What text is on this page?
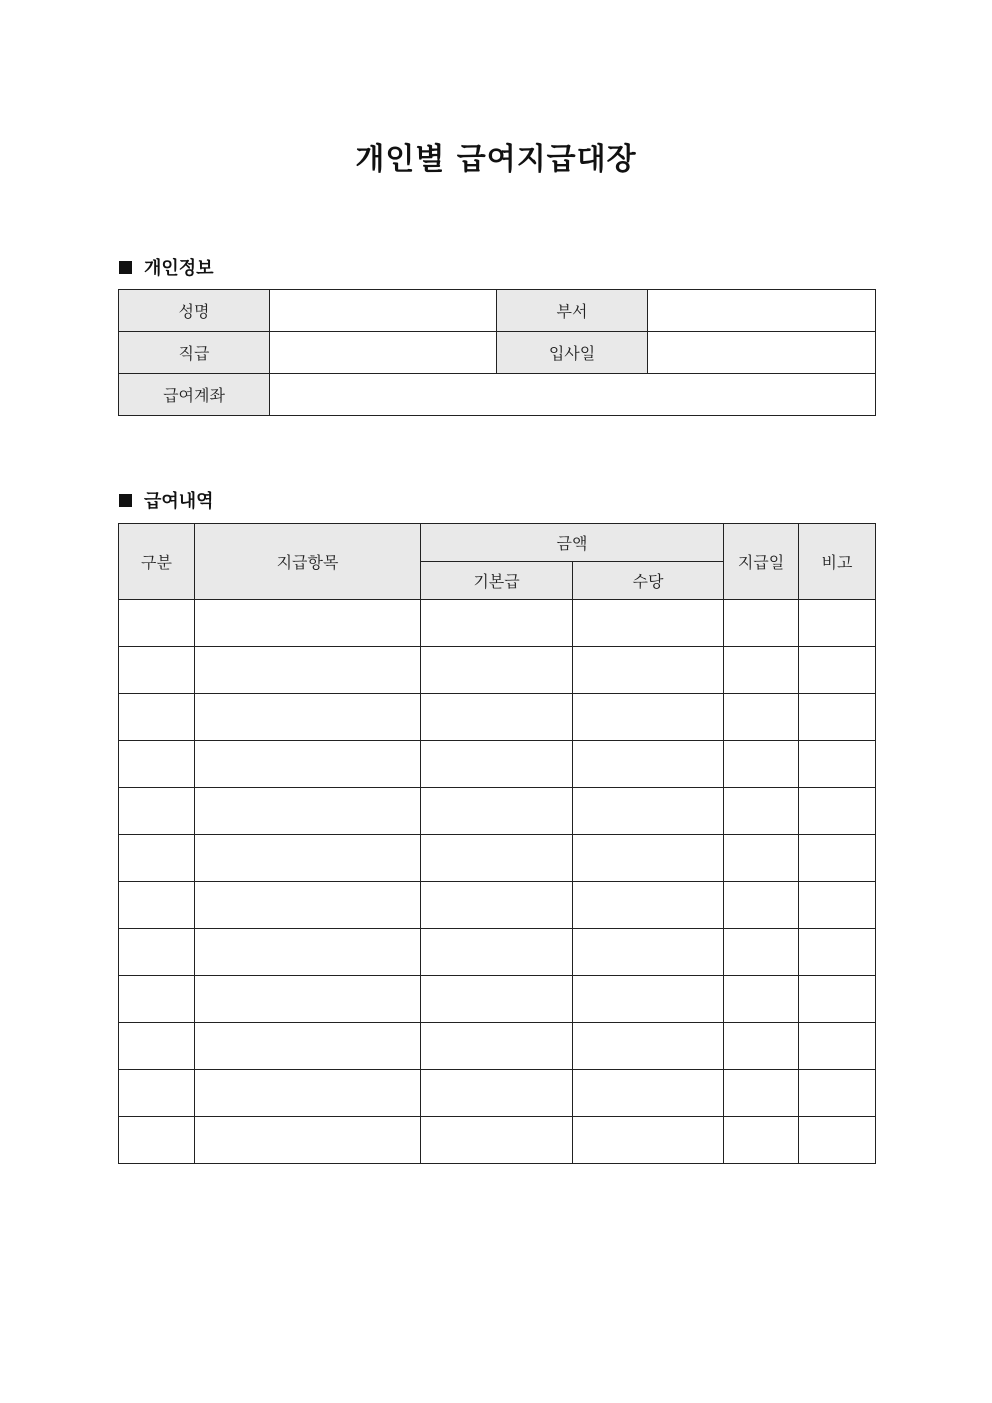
개인별 급여지급대장
개인정보
성명		부서	
직급		입사일	
급여계좌			
급여내역
구분	지급항목	금액		지급일	비고
		기본급	수당		
